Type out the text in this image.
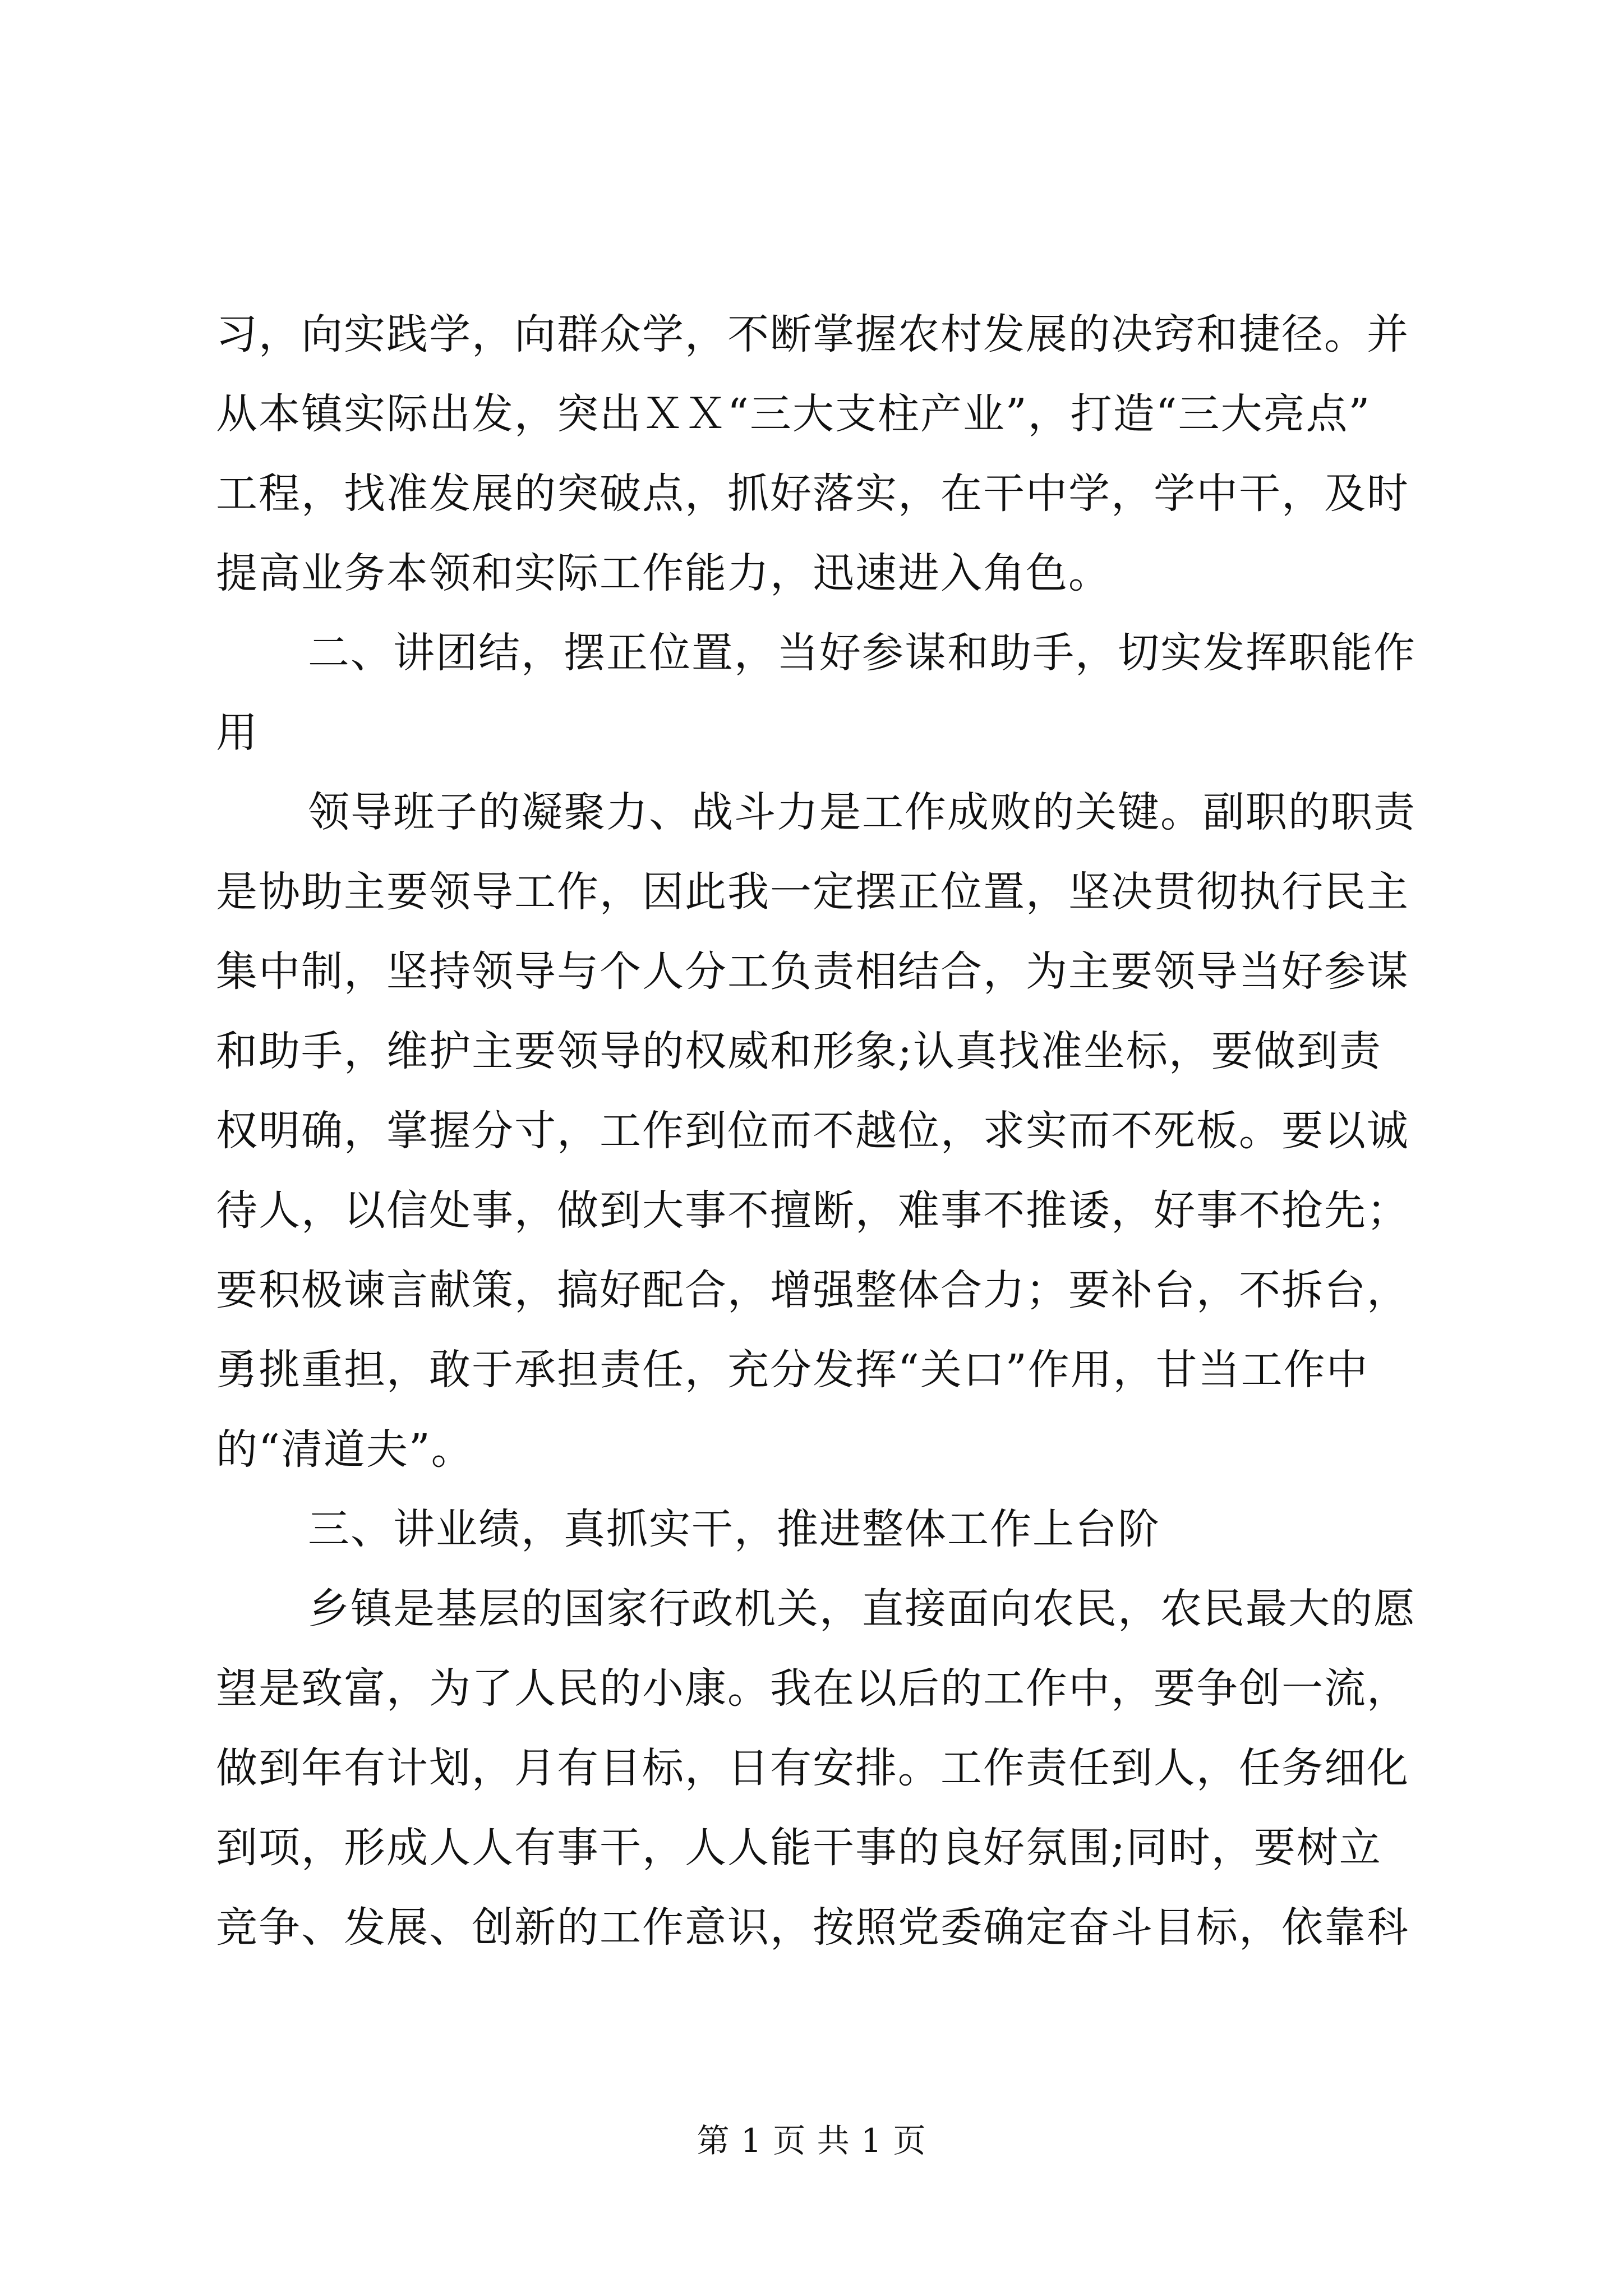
习，向实践学，向群众学，不断掌握农村发展的决窍和捷径。并
从本镇实际出发，突出ＸＸ“三大支柱产业”，打造“三大亮点”
工程，找准发展的突破点，抓好落实，在干中学，学中干，及时
提高业务本领和实际工作能力，迅速进入角色。
二、讲团结，摆正位置，当好参谋和助手，切实发挥职能作
用
领导班子的凝聚力、战斗力是工作成败的关键。副职的职责
是协助主要领导工作，因此我一定摆正位置，坚决贯彻执行民主
集中制，坚持领导与个人分工负责相结合，为主要领导当好参谋
和助手，维护主要领导的权威和形象;认真找准坐标，要做到责
权明确，掌握分寸，工作到位而不越位，求实而不死板。要以诚
待人，以信处事，做到大事不擅断，难事不推诿，好事不抢先；
要积极谏言献策，搞好配合，增强整体合力；要补台，不拆台，
勇挑重担，敢于承担责任，充分发挥“关口”作用，甘当工作中
的“清道夫”。
三、讲业绩，真抓实干，推进整体工作上台阶
乡镇是基层的国家行政机关，直接面向农民，农民最大的愿
望是致富，为了人民的小康。我在以后的工作中，要争创一流，
做到年有计划，月有目标，日有安排。工作责任到人，任务细化
到项，形成人人有事干，人人能干事的良好氛围;同时，要树立
竞争、发展、创新的工作意识，按照党委确定奋斗目标，依靠科
第 1 页 共 1 页
